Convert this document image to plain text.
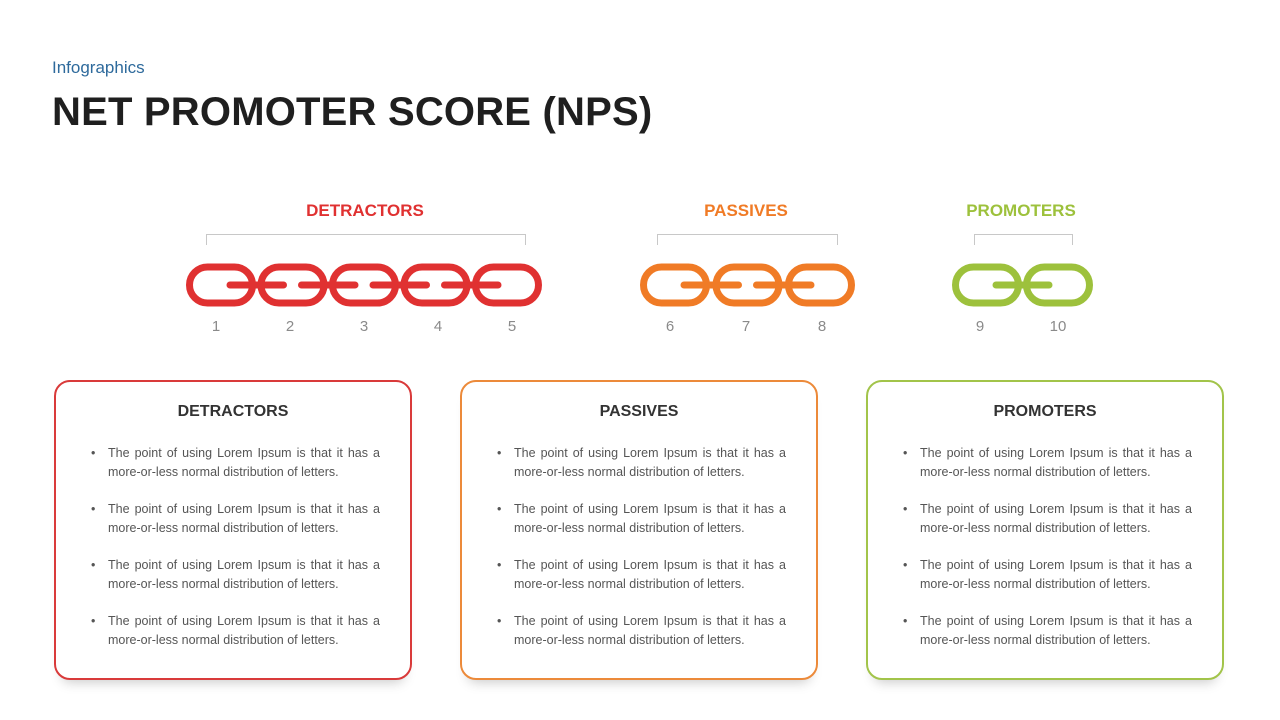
Infographics
NET PROMOTER SCORE (NPS)
DETRACTORS	PASSIVES	PROMOTERS
1	2	3	4	5	6	7	8	9	10
DETRACTORS
• The point of using Lorem Ipsum is that it has a more-or-less normal distribution of letters.
• The point of using Lorem Ipsum is that it has a more-or-less normal distribution of letters.
• The point of using Lorem Ipsum is that it has a more-or-less normal distribution of letters.
• The point of using Lorem Ipsum is that it has a more-or-less normal distribution of letters.
PASSIVES
• The point of using Lorem Ipsum is that it has a more-or-less normal distribution of letters.
• The point of using Lorem Ipsum is that it has a more-or-less normal distribution of letters.
• The point of using Lorem Ipsum is that it has a more-or-less normal distribution of letters.
• The point of using Lorem Ipsum is that it has a more-or-less normal distribution of letters.
PROMOTERS
• The point of using Lorem Ipsum is that it has a more-or-less normal distribution of letters.
• The point of using Lorem Ipsum is that it has a more-or-less normal distribution of letters.
• The point of using Lorem Ipsum is that it has a more-or-less normal distribution of letters.
• The point of using Lorem Ipsum is that it has a more-or-less normal distribution of letters.
